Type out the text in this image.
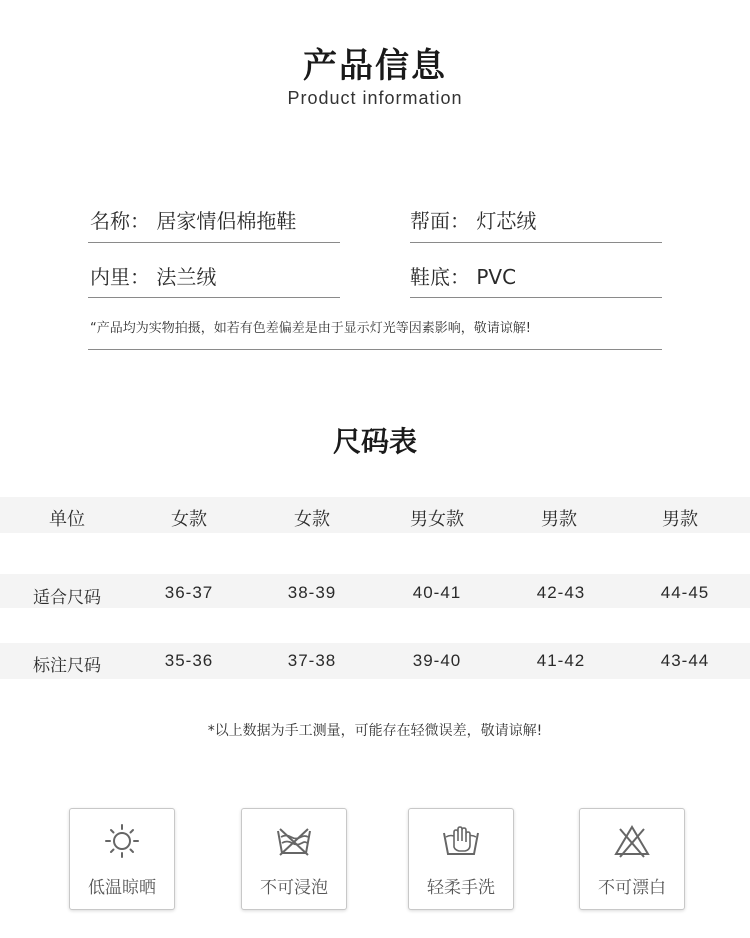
产品信息
Product information
名称： 居家情侣棉拖鞋	帮面： 灯芯绒
内里： 法兰绒	鞋底： PVC
“产品均为实物拍摄，如若有色差偏差是由于显示灯光等因素影响，敬请谅解!
尺码表
单位	女款	女款	男女款	男款	男款
适合尺码	36-37	38-39	40-41	42-43	44-45
标注尺码	35-36	37-38	39-40	41-42	43-44
*以上数据为手工测量，可能存在轻微误差，敬请谅解!
低温晾晒	不可浸泡	轻柔手洗	不可漂白
